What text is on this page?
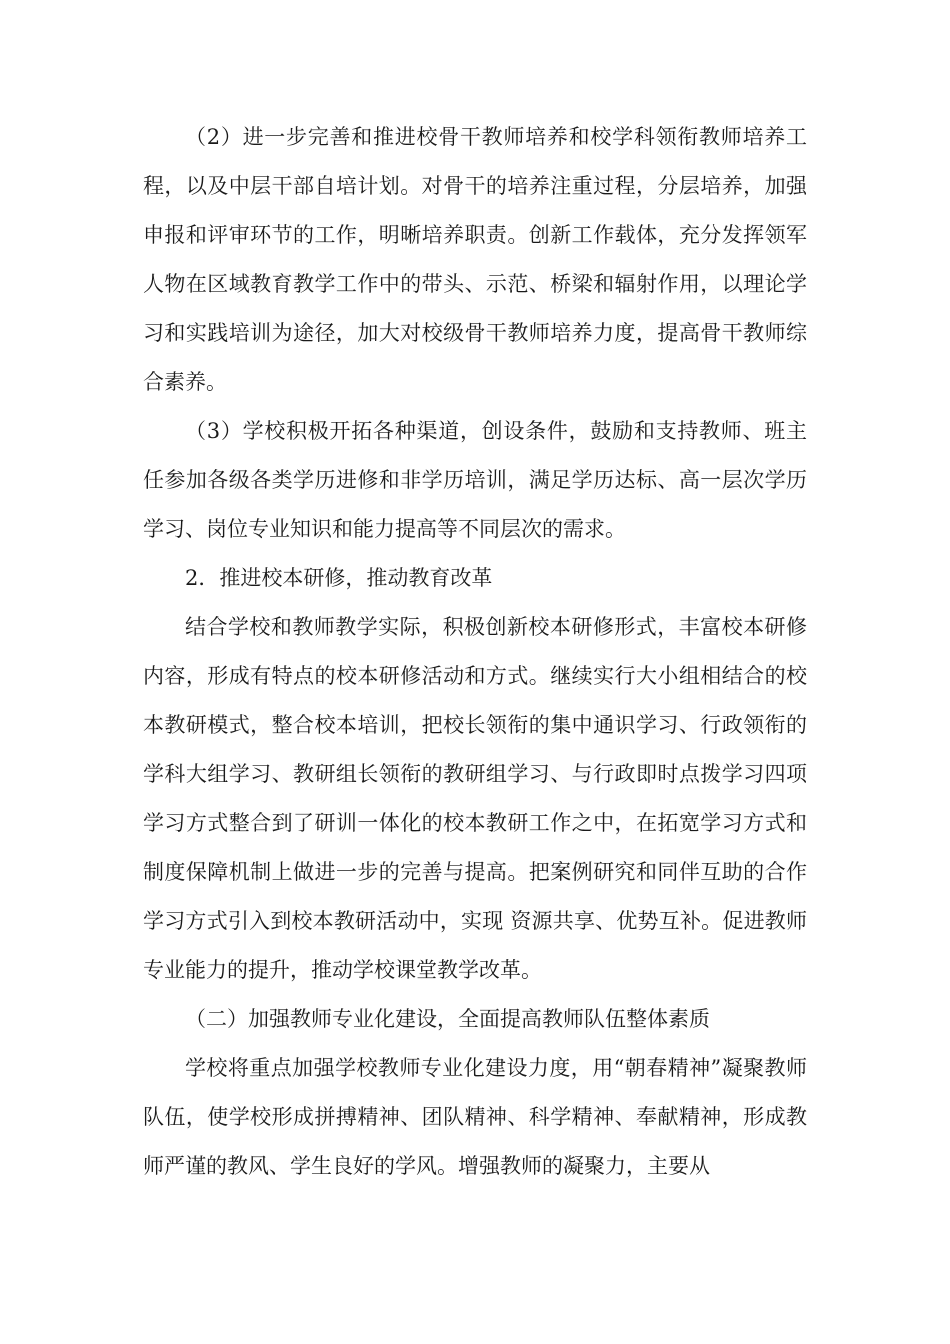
（2）进一步完善和推进校骨干教师培养和校学科领衔教师培养工程，以及中层干部自培计划。对骨干的培养注重过程，分层培养，加强申报和评审环节的工作，明晰培养职责。创新工作载体，充分发挥领军人物在区域教育教学工作中的带头、示范、桥梁和辐射作用，以理论学习和实践培训为途径，加大对校级骨干教师培养力度，提高骨干教师综合素养。

（3）学校积极开拓各种渠道，创设条件，鼓励和支持教师、班主任参加各级各类学历进修和非学历培训，满足学历达标、高一层次学历学习、岗位专业知识和能力提高等不同层次的需求。

2．推进校本研修，推动教育改革

结合学校和教师教学实际，积极创新校本研修形式，丰富校本研修内容，形成有特点的校本研修活动和方式。继续实行大小组相结合的校本教研模式，整合校本培训，把校长领衔的集中通识学习、行政领衔的学科大组学习、教研组长领衔的教研组学习、与行政即时点拨学习四项学习方式整合到了研训一体化的校本教研工作之中，在拓宽学习方式和制度保障机制上做进一步的完善与提高。把案例研究和同伴互助的合作学习方式引入到校本教研活动中，实现 资源共享、优势互补。促进教师专业能力的提升，推动学校课堂教学改革。

（二）加强教师专业化建设，全面提高教师队伍整体素质

学校将重点加强学校教师专业化建设力度，用“朝春精神”凝聚教师队伍，使学校形成拼搏精神、团队精神、科学精神、奉献精神，形成教师严谨的教风、学生良好的学风。增强教师的凝聚力，主要从
